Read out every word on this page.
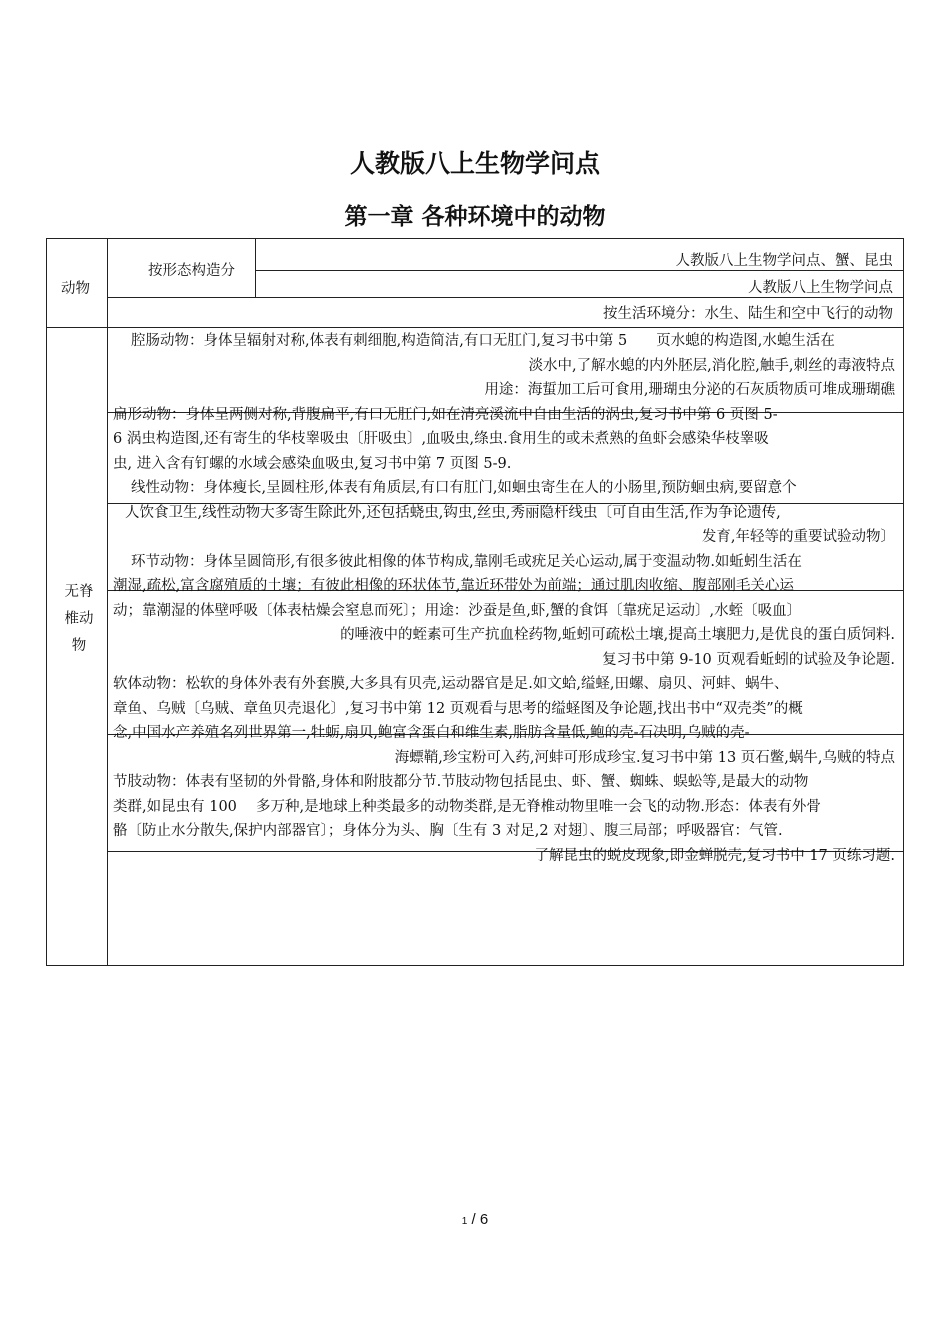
人教版八上生物学问点
第一章 各种环境中的动物
动物
按形态构造分
人教版八上生物学问点、蟹、昆虫
人教版八上生物学问点
按生活环境分：水生、陆生和空中飞行的动物
无脊
椎动
物
腔肠动物：身体呈辐射对称,体表有刺细胞,构造简洁,有口无肛门,复习书中第 5　　页水螅的构造图,水螅生活在
淡水中,了解水螅的内外胚层,消化腔,触手,刺丝的毒液特点
用途：海蜇加工后可食用,珊瑚虫分泌的石灰质物质可堆成珊瑚礁
扁形动物：身体呈两侧对称,背腹扁平,有口无肛门,如在清亮溪流中自由生活的涡虫,复习书中第 6 页图 5-
6 涡虫构造图,还有寄生的华枝睾吸虫〔肝吸虫〕,血吸虫,绦虫.食用生的或未煮熟的鱼虾会感染华枝睾吸
虫, 进入含有钉螺的水域会感染血吸虫,复习书中第 7 页图 5-9.
线性动物：身体瘦长,呈圆柱形,体表有角质层,有口有肛门,如蛔虫寄生在人的小肠里,预防蛔虫病,要留意个
人饮食卫生,线性动物大多寄生除此外,还包括蛲虫,钩虫,丝虫,秀丽隐杆线虫〔可自由生活,作为争论遗传,
发育,年轻等的重要试验动物〕
环节动物：身体呈圆筒形,有很多彼此相像的体节构成,靠刚毛或疣足关心运动,属于变温动物.如蚯蚓生活在
潮湿,疏松,富含腐殖质的土壤；有彼此相像的环状体节,靠近环带处为前端；通过肌肉收缩、腹部刚毛关心运
动；靠潮湿的体壁呼吸〔体表枯燥会窒息而死〕；用途：沙蚕是鱼,虾,蟹的食饵〔靠疣足运动〕,水蛭〔吸血〕
的唾液中的蛭素可生产抗血栓药物,蚯蚓可疏松土壤,提高土壤肥力,是优良的蛋白质饲料.
复习书中第 9-10 页观看蚯蚓的试验及争论题.
软体动物：松软的身体外表有外套膜,大多具有贝壳,运动器官是足.如文蛤,缢蛏,田螺、扇贝、河蚌、蜗牛、
章鱼、乌贼〔乌贼、章鱼贝壳退化〕,复习书中第 12 页观看与思考的缢蛏图及争论题,找出书中“双壳类”的概
念,中国水产养殖名列世界第一,牡蛎,扇贝,鲍富含蛋白和维生素,脂肪含量低,鲍的壳-石决明,乌贼的壳-
海螵鞘,珍宝粉可入药,河蚌可形成珍宝.复习书中第 13 页石鳖,蜗牛,乌贼的特点
节肢动物：体表有坚韧的外骨骼,身体和附肢都分节.节肢动物包括昆虫、虾、蟹、蜘蛛、蜈蚣等,是最大的动物
类群,如昆虫有 100　 多万种,是地球上种类最多的动物类群,是无脊椎动物里唯一会飞的动物.形态：体表有外骨
骼〔防止水分散失,保护内部器官〕；身体分为头、胸〔生有 3 对足,2 对翅〕、腹三局部；呼吸器官：气管.
了解昆虫的蜕皮现象,即金蝉脱壳,复习书中 17 页练习题.
1 / 6
